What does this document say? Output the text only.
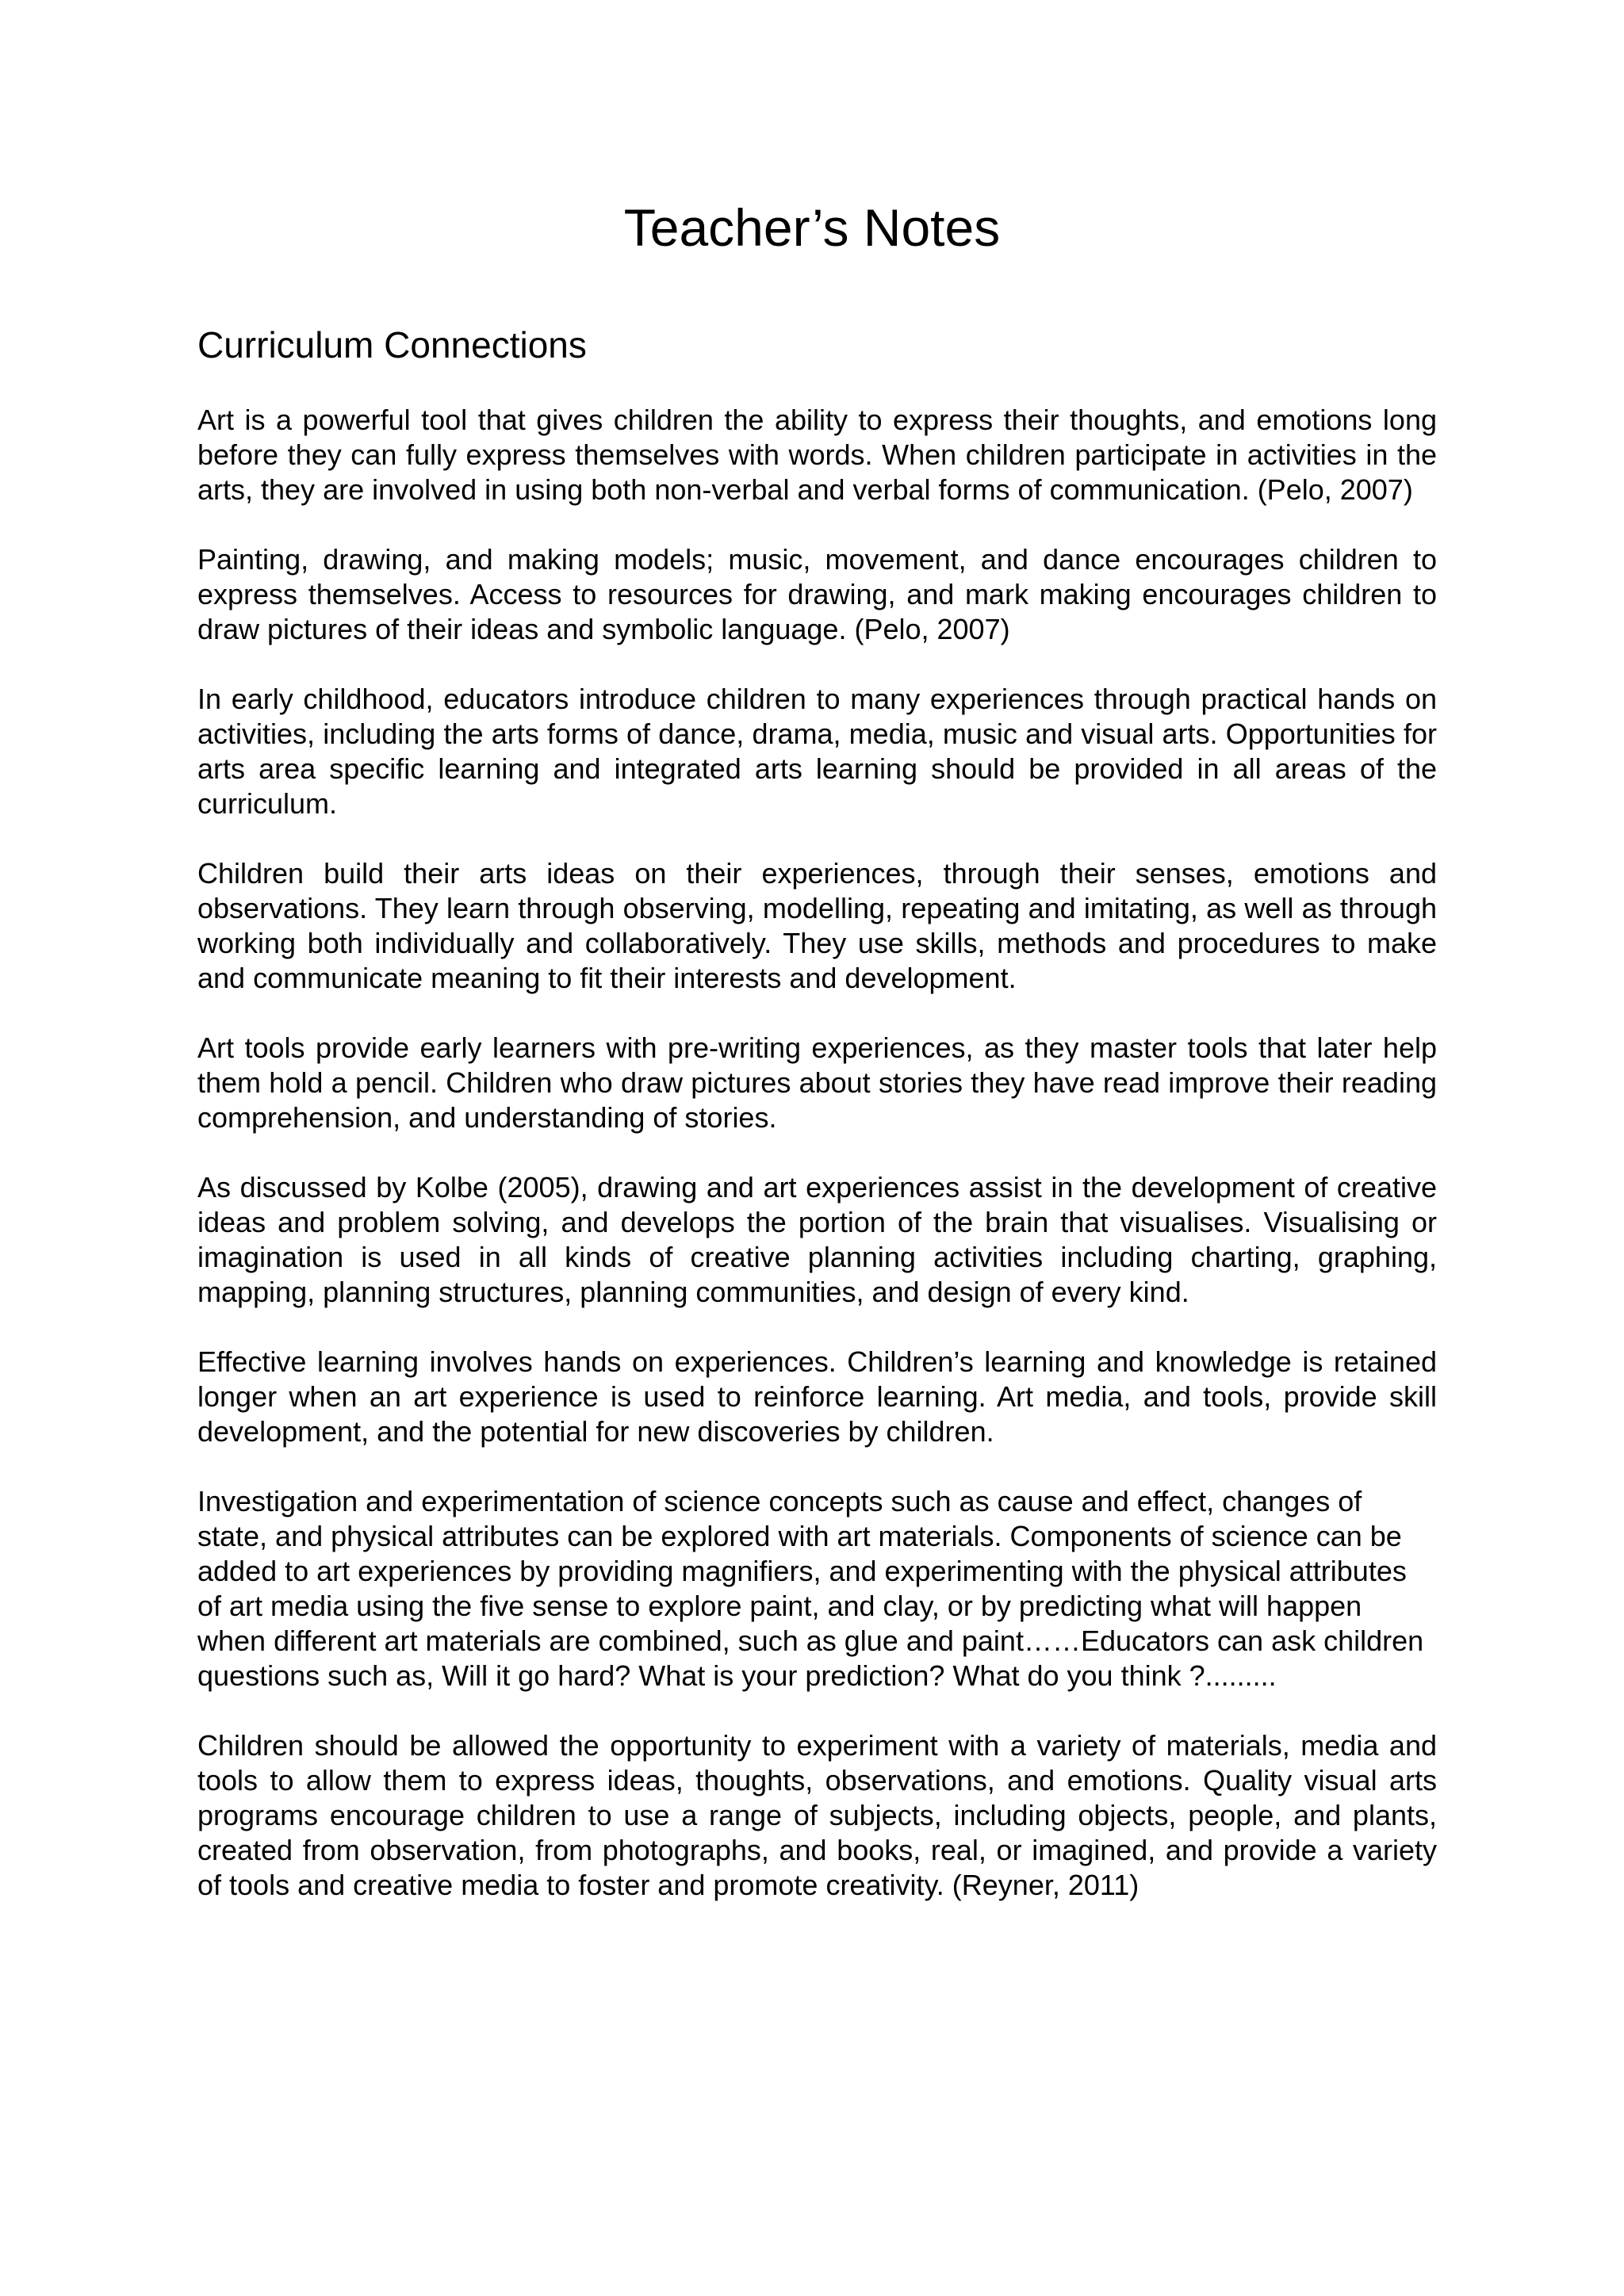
Teacher’s Notes
Curriculum Connections

Art is a powerful tool that gives children the ability to express their thoughts, and emotions long before they can fully express themselves with words. When children participate in activities in the arts, they are involved in using both non-verbal and verbal forms of communication. (Pelo, 2007)

Painting, drawing, and making models; music, movement, and dance encourages children to express themselves. Access to resources for drawing, and mark making encourages children to draw pictures of their ideas and symbolic language. (Pelo, 2007)

In early childhood, educators introduce children to many experiences through practical hands on activities, including the arts forms of dance, drama, media, music and visual arts. Opportunities for arts area specific learning and integrated arts learning should be provided in all areas of the curriculum.

Children build their arts ideas on their experiences, through their senses, emotions and observations. They learn through observing, modelling, repeating and imitating, as well as through working both individually and collaboratively. They use skills, methods and procedures to make and communicate meaning to fit their interests and development.

Art tools provide early learners with pre-writing experiences, as they master tools that later help them hold a pencil. Children who draw pictures about stories they have read improve their reading comprehension, and understanding of stories.

As discussed by Kolbe (2005), drawing and art experiences assist in the development of creative ideas and problem solving, and develops the portion of the brain that visualises. Visualising or imagination is used in all kinds of creative planning activities including charting, graphing, mapping, planning structures, planning communities, and design of every kind.

Effective learning involves hands on experiences. Children’s learning and knowledge is retained longer when an art experience is used to reinforce learning. Art media, and tools, provide skill development, and the potential for new discoveries by children.

Investigation and experimentation of science concepts such as cause and effect, changes of state, and physical attributes can be explored with art materials. Components of science can be added to art experiences by providing magnifiers, and experimenting with the physical attributes of art media using the five sense to explore paint, and clay, or by predicting what will happen when different art materials are combined, such as glue and paint……Educators can ask children   questions such as, Will it go hard? What is your prediction? What do you think ?.........

Children should be allowed the opportunity to experiment with a variety of materials, media and tools to allow them to express ideas, thoughts, observations, and emotions. Quality visual arts programs encourage children to use a range of subjects, including objects, people, and plants, created from observation, from photographs, and books, real, or imagined, and provide a variety of tools and creative media to foster and promote creativity. (Reyner, 2011)
